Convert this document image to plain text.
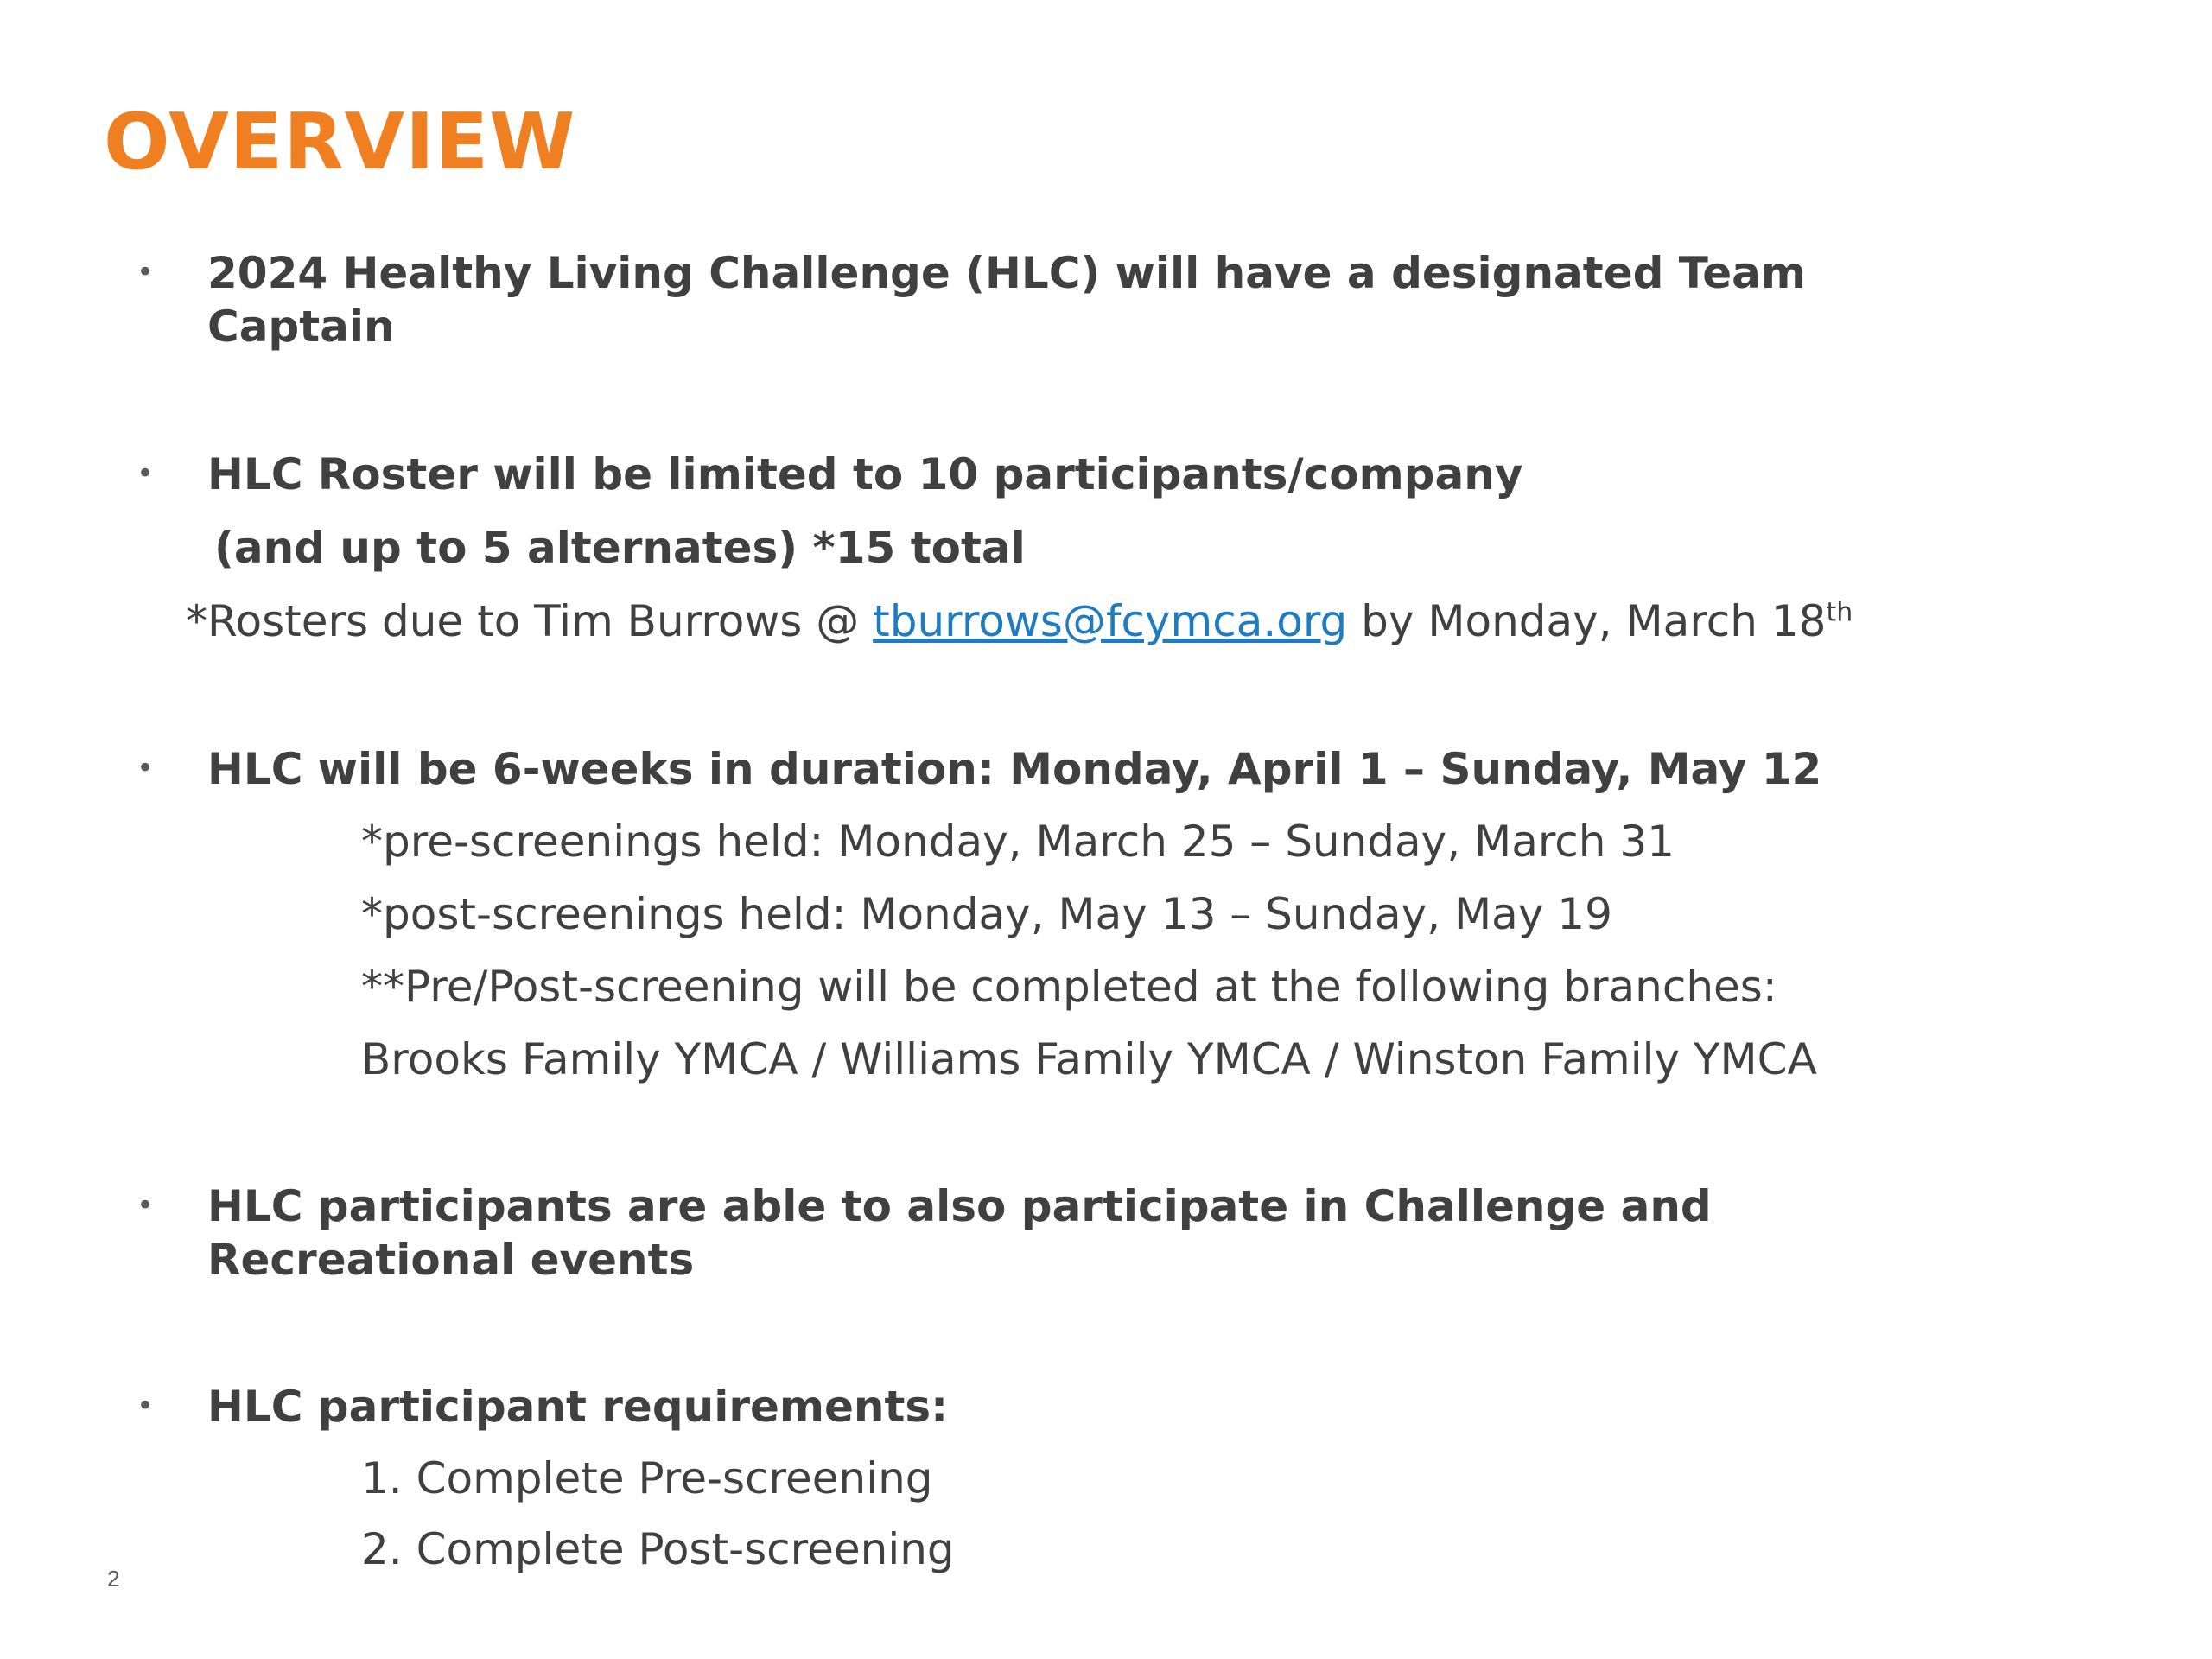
OVERVIEW
• 2024 Healthy Living Challenge (HLC) will have a designated Team
Captain
• HLC Roster will be limited to 10 participants/company
(and up to 5 alternates) *15 total
*Rosters due to Tim Burrows @ tburrows@fcymca.org by Monday, March 18th
• HLC will be 6-weeks in duration: Monday, April 1 – Sunday, May 12
*pre-screenings held: Monday, March 25 – Sunday, March 31
*post-screenings held: Monday, May 13 – Sunday, May 19
**Pre/Post-screening will be completed at the following branches:
Brooks Family YMCA / Williams Family YMCA / Winston Family YMCA
• HLC participants are able to also participate in Challenge and
Recreational events
• HLC participant requirements:
1. Complete Pre-screening
2. Complete Post-screening
2
